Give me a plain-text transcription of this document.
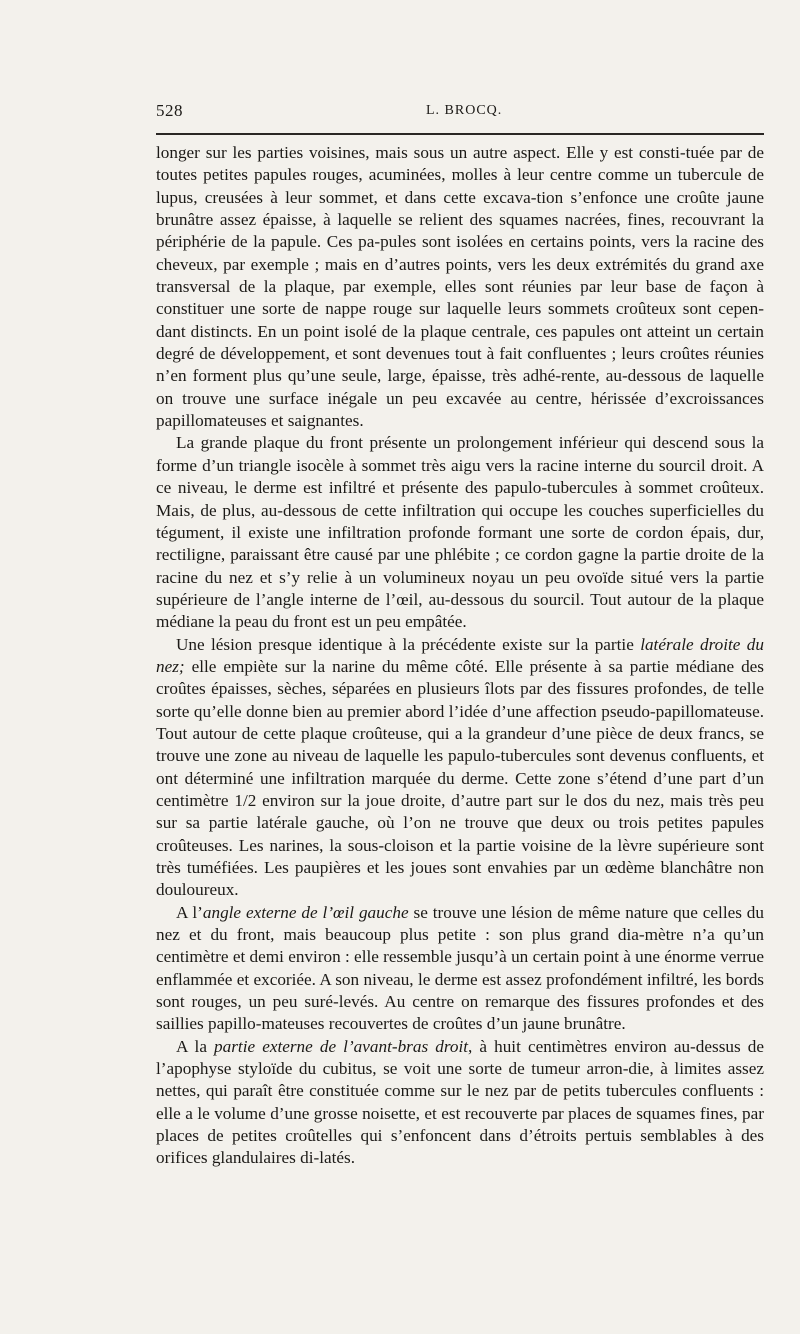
528	L. BROCQ.

longer sur les parties voisines, mais sous un autre aspect. Elle y est consti-tuée par de toutes petites papules rouges, acuminées, molles à leur centre comme un tubercule de lupus, creusées à leur sommet, et dans cette excava-tion s’enfonce une croûte jaune brunâtre assez épaisse, à laquelle se relient des squames nacrées, fines, recouvrant la périphérie de la papule. Ces pa-pules sont isolées en certains points, vers la racine des cheveux, par exemple ; mais en d’autres points, vers les deux extrémités du grand axe transversal de la plaque, par exemple, elles sont réunies par leur base de façon à constituer une sorte de nappe rouge sur laquelle leurs sommets croûteux sont cepen-dant distincts. En un point isolé de la plaque centrale, ces papules ont atteint un certain degré de développement, et sont devenues tout à fait confluentes ; leurs croûtes réunies n’en forment plus qu’une seule, large, épaisse, très adhé-rente, au-dessous de laquelle on trouve une surface inégale un peu excavée au centre, hérissée d’excroissances papillomateuses et saignantes.

La grande plaque du front présente un prolongement inférieur qui descend sous la forme d’un triangle isocèle à sommet très aigu vers la racine interne du sourcil droit. A ce niveau, le derme est infiltré et présente des papulo-tubercules à sommet croûteux. Mais, de plus, au-dessous de cette infiltration qui occupe les couches superficielles du tégument, il existe une infiltration profonde formant une sorte de cordon épais, dur, rectiligne, paraissant être causé par une phlébite ; ce cordon gagne la partie droite de la racine du nez et s’y relie à un volumineux noyau un peu ovoïde situé vers la partie supérieure de l’angle interne de l’œil, au-dessous du sourcil. Tout autour de la plaque médiane la peau du front est un peu empâtée.

Une lésion presque identique à la précédente existe sur la partie latérale droite du nez; elle empiète sur la narine du même côté. Elle présente à sa partie médiane des croûtes épaisses, sèches, séparées en plusieurs îlots par des fissures profondes, de telle sorte qu’elle donne bien au premier abord l’idée d’une affection pseudo-papillomateuse. Tout autour de cette plaque croûteuse, qui a la grandeur d’une pièce de deux francs, se trouve une zone au niveau de laquelle les papulo-tubercules sont devenus confluents, et ont déterminé une infiltration marquée du derme. Cette zone s’étend d’une part d’un centimètre 1/2 environ sur la joue droite, d’autre part sur le dos du nez, mais très peu sur sa partie latérale gauche, où l’on ne trouve que deux ou trois petites papules croûteuses. Les narines, la sous-cloison et la partie voisine de la lèvre supérieure sont très tuméfiées. Les paupières et les joues sont envahies par un œdème blanchâtre non douloureux.

A l’angle externe de l’œil gauche se trouve une lésion de même nature que celles du nez et du front, mais beaucoup plus petite : son plus grand dia-mètre n’a qu’un centimètre et demi environ : elle ressemble jusqu’à un certain point à une énorme verrue enflammée et excoriée. A son niveau, le derme est assez profondément infiltré, les bords sont rouges, un peu suré-levés. Au centre on remarque des fissures profondes et des saillies papillo-mateuses recouvertes de croûtes d’un jaune brunâtre.

A la partie externe de l’avant-bras droit, à huit centimètres environ au-dessus de l’apophyse styloïde du cubitus, se voit une sorte de tumeur arron-die, à limites assez nettes, qui paraît être constituée comme sur le nez par de petits tubercules confluents : elle a le volume d’une grosse noisette, et est recouverte par places de squames fines, par places de petites croûtelles qui s’enfoncent dans d’étroits pertuis semblables à des orifices glandulaires di-latés.
